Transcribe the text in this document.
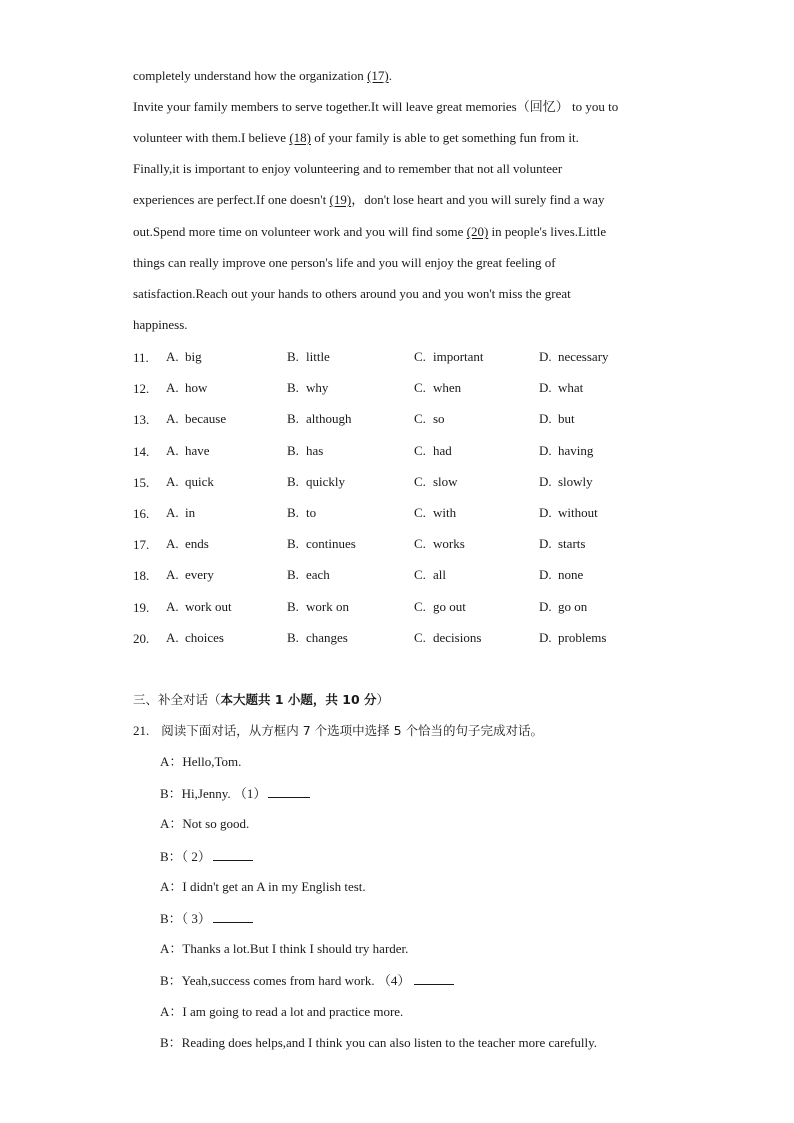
completely understand how the organization (17).
Invite your family members to serve together.It will leave great memories（回忆） to you to
volunteer with them.I believe (18) of your family is able to get something fun from it.
Finally,it is important to enjoy volunteering and to remember that not all volunteer
experiences are perfect.If one doesn't (19)，don't lose heart and you will surely find a way
out.Spend more time on volunteer work and you will find some (20) in people's lives.Little
things can really improve one person's life and you will enjoy the great feeling of
satisfaction.Reach out your hands to others around you and you won't miss the great
happiness.
11. A. big	B. little	C. important	D. necessary
12. A. how	B. why	C. when	D. what
13. A. because	B. although	C. so	D. but
14. A. have	B. has	C. had	D. having
15. A. quick	B. quickly	C. slow	D. slowly
16. A. in	B. to	C. with	D. without
17. A. ends	B. continues	C. works	D. starts
18. A. every	B. each	C. all	D. none
19. A. work out	B. work on	C. go out	D. go on
20. A. choices	B. changes	C. decisions	D. problems
三、补全对话（本大题共 1 小题，共 10 分）
21. 阅读下面对话，从方框内 7 个选项中选择 5 个恰当的句子完成对话。
A：Hello,Tom.
B：Hi,Jenny. （1）
A：Not so good.
B：（ 2）
A：I didn't get an A in my English test.
B：（ 3）
A：Thanks a lot.But I think I should try harder.
B：Yeah,success comes from hard work. （4）
A：I am going to read a lot and practice more.
B：Reading does helps,and I think you can also listen to the teacher more carefully.
